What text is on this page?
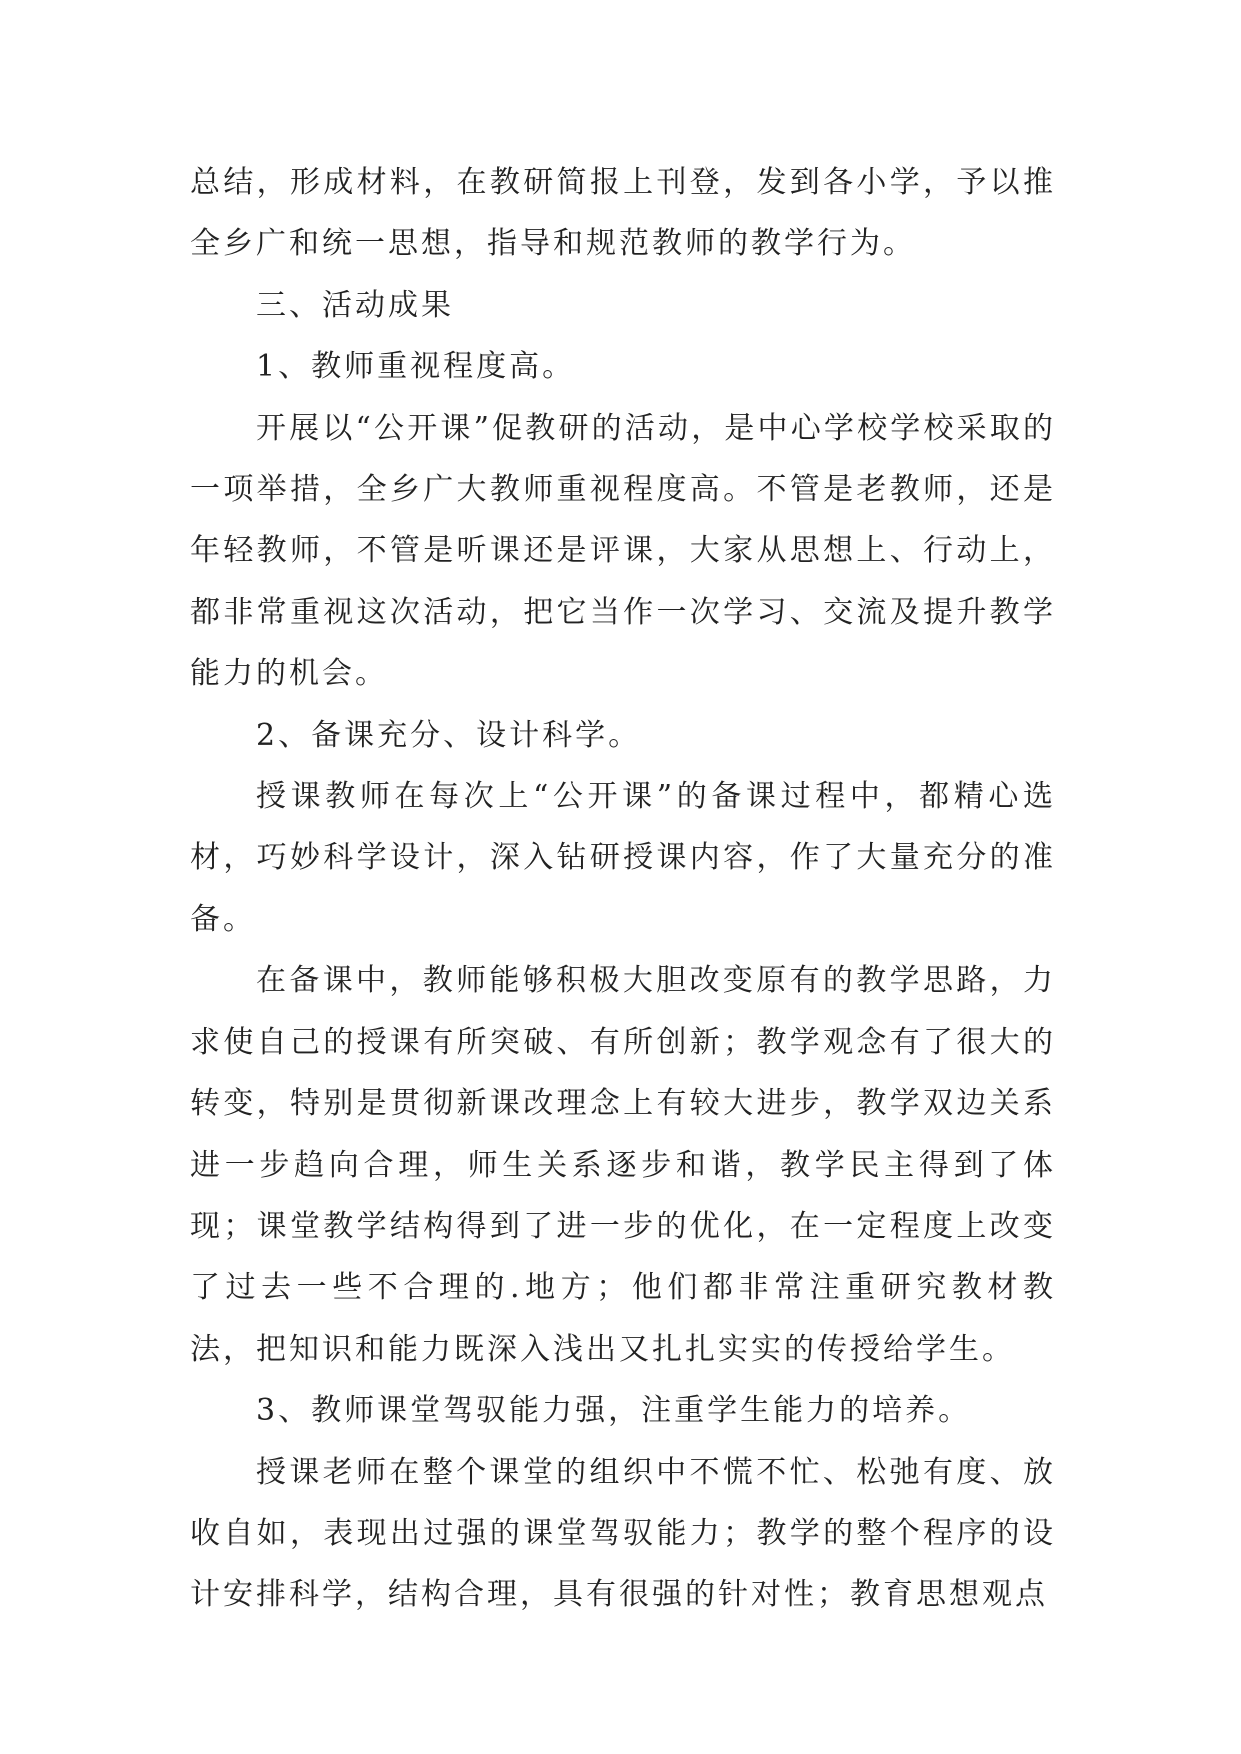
总结，形成材料，在教研简报上刊登，发到各小学，予以推全乡广和统一思想，指导和规范教师的教学行为。

三、活动成果

1、教师重视程度高。

开展以“公开课”促教研的活动，是中心学校学校采取的一项举措，全乡广大教师重视程度高。不管是老教师，还是年轻教师，不管是听课还是评课，大家从思想上、行动上，都非常重视这次活动，把它当作一次学习、交流及提升教学能力的机会。

2、备课充分、设计科学。

授课教师在每次上“公开课”的备课过程中，都精心选材，巧妙科学设计，深入钻研授课内容，作了大量充分的准备。

在备课中，教师能够积极大胆改变原有的教学思路，力求使自己的授课有所突破、有所创新；教学观念有了很大的转变，特别是贯彻新课改理念上有较大进步，教学双边关系进一步趋向合理，师生关系逐步和谐，教学民主得到了体现；课堂教学结构得到了进一步的优化，在一定程度上改变了过去一些不合理的.地方；他们都非常注重研究教材教法，把知识和能力既深入浅出又扎扎实实的传授给学生。

3、教师课堂驾驭能力强，注重学生能力的培养。

授课老师在整个课堂的组织中不慌不忙、松弛有度、放收自如，表现出过强的课堂驾驭能力；教学的整个程序的设计安排科学，结构合理，具有很强的针对性；教育思想观点
